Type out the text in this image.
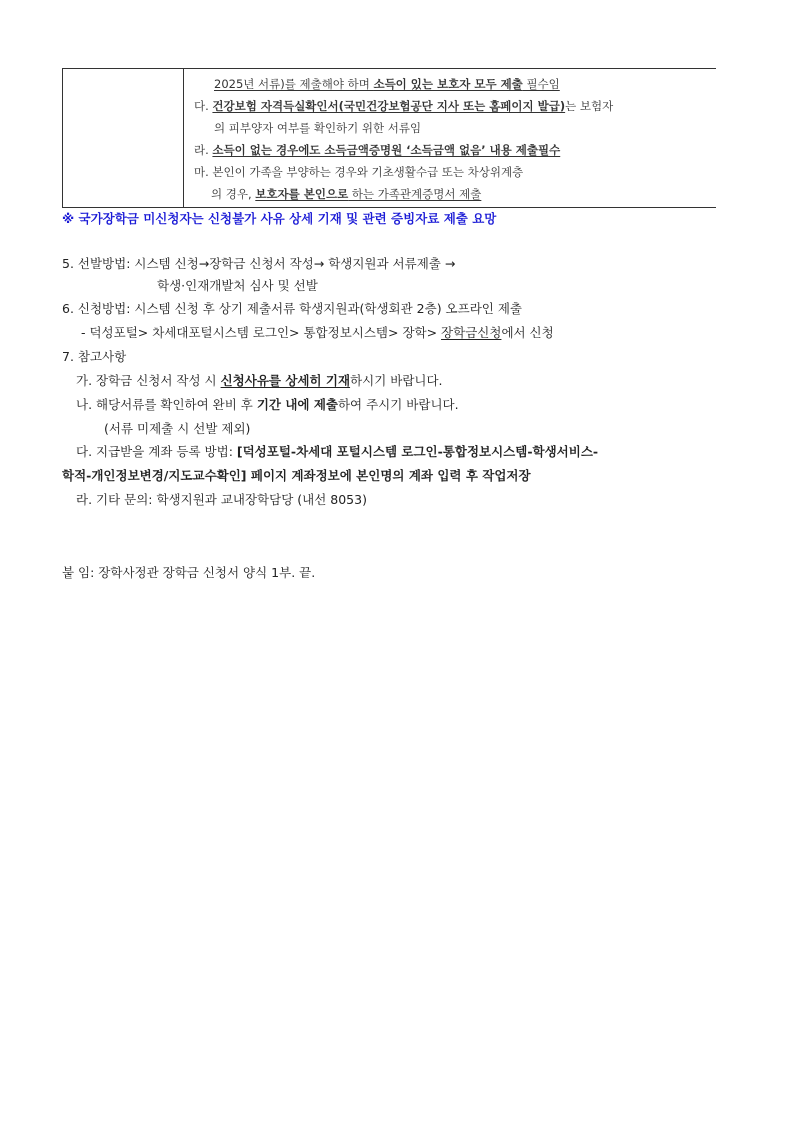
2025년 서류)를 제출해야 하며 소득이 있는 보호자 모두 제출 필수임
다. 건강보험 자격득실확인서(국민건강보험공단 지사 또는 홈페이지 발급)는 보험자
의 피부양자 여부를 확인하기 위한 서류임
라. 소득이 없는 경우에도 소득금액증명원 ‘소득금액 없음’ 내용 제출필수
마. 본인이 가족을 부양하는 경우와 기초생활수급 또는 차상위계층
의 경우, 보호자를 본인으로 하는 가족관계증명서 제출
※ 국가장학금 미신청자는 신청불가 사유 상세 기재 및 관련 증빙자료 제출 요망
5. 선발방법: 시스템 신청→장학금 신청서 작성→ 학생지원과 서류제출 →
학생·인재개발처 심사 및 선발
6. 신청방법: 시스템 신청 후 상기 제출서류 학생지원과(학생회관 2층) 오프라인 제출
- 덕성포털> 차세대포털시스템 로그인> 통합정보시스템> 장학> 장학금신청에서 신청
7. 참고사항
가. 장학금 신청서 작성 시 신청사유를 상세히 기재하시기 바랍니다.
나. 해당서류를 확인하여 완비 후 기간 내에 제출하여 주시기 바랍니다.
(서류 미제출 시 선발 제외)
다. 지급받을 계좌 등록 방법: [덕성포털-차세대 포털시스템 로그인-통합정보시스템-학생서비스-
학적-개인정보변경/지도교수확인] 페이지 계좌정보에 본인명의 계좌 입력 후 작업저장
라. 기타 문의: 학생지원과 교내장학담당 (내선 8053)
붙 임: 장학사정관 장학금 신청서 양식 1부. 끝.
